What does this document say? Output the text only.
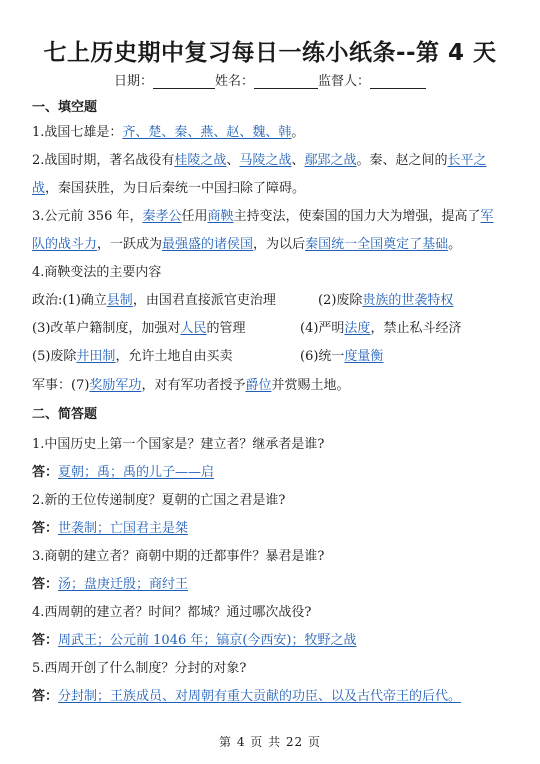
七上历史期中复习每日一练小纸条--第 4 天
日期：	姓名：	监督人：
一、填空题
1.战国七雄是：齐、楚、秦、燕、赵、魏、韩。
2.战国时期，著名战役有桂陵之战、马陵之战、鄢郢之战。秦、赵之间的长平之
战，秦国获胜，为日后秦统一中国扫除了障碍。
3.公元前 356 年，秦孝公任用商鞅主持变法，使秦国的国力大为增强，提高了军
队的战斗力，一跃成为最强盛的诸侯国，为以后秦国统一全国奠定了基础。
4.商鞅变法的主要内容
政治:(1)确立县制，由国君直接派官吏治理	(2)废除贵族的世袭特权
(3)改革户籍制度，加强对人民的管理	(4)严明法度，禁止私斗经济
(5)废除井田制，允许土地自由买卖	(6)统一度量衡
军事：(7)奖励军功，对有军功者授予爵位并赏赐土地。
二、简答题
1.中国历史上第一个国家是？建立者？继承者是谁?
答：夏朝；禹；禹的儿子——启
2.新的王位传递制度？夏朝的亡国之君是谁?
答：世袭制；亡国君主是桀
3.商朝的建立者？商朝中期的迁都事件？暴君是谁?
答：汤；盘庚迁殷；商纣王
4.西周朝的建立者？时间？都城？通过哪次战役?
答：周武王；公元前 1046 年；镐京(今西安)；牧野之战
5.西周开创了什么制度？分封的对象?
答：分封制；王族成员、对周朝有重大贡献的功臣、以及古代帝王的后代。
第 4 页 共 22 页
